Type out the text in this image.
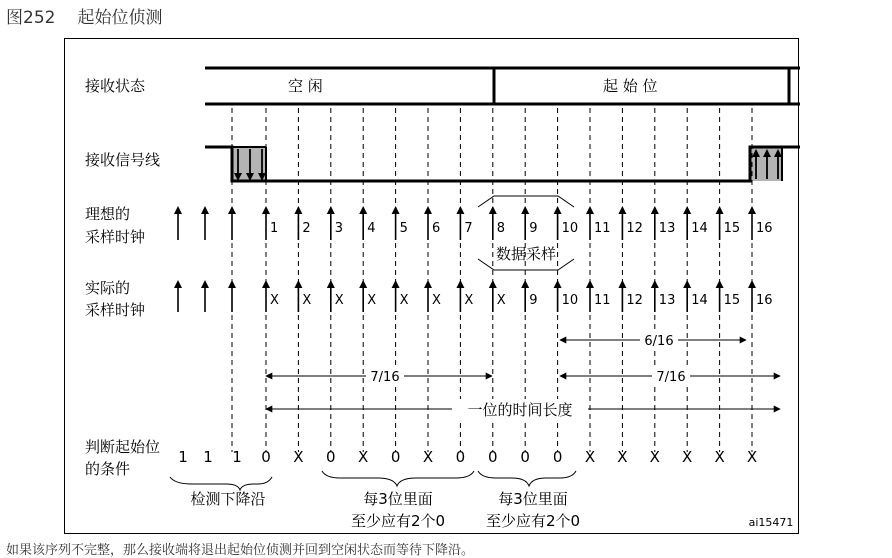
图252 起始位侦测
接收状态
接收信号线
理想的
采样时钟
实际的
采样时钟
判断起始位
的条件
空 闲	起 始 位
1 2 3 4 5 6 7 8 9 10 11 12 13 14 15 16
数据采样
X X X X X X X X 9 10 11 12 13 14 15 16
6/16
7/16	7/16
一位的时间长度
1 1 1 0 X 0 X 0 X 0 0 0 0 X X X X X X
检测下降沿	每3位里面
至少应有2个0
每3位里面
至少应有2个0	ai15471
如果该序列不完整，那么接收端将退出起始位侦测并回到空闲状态而等待下降沿。
